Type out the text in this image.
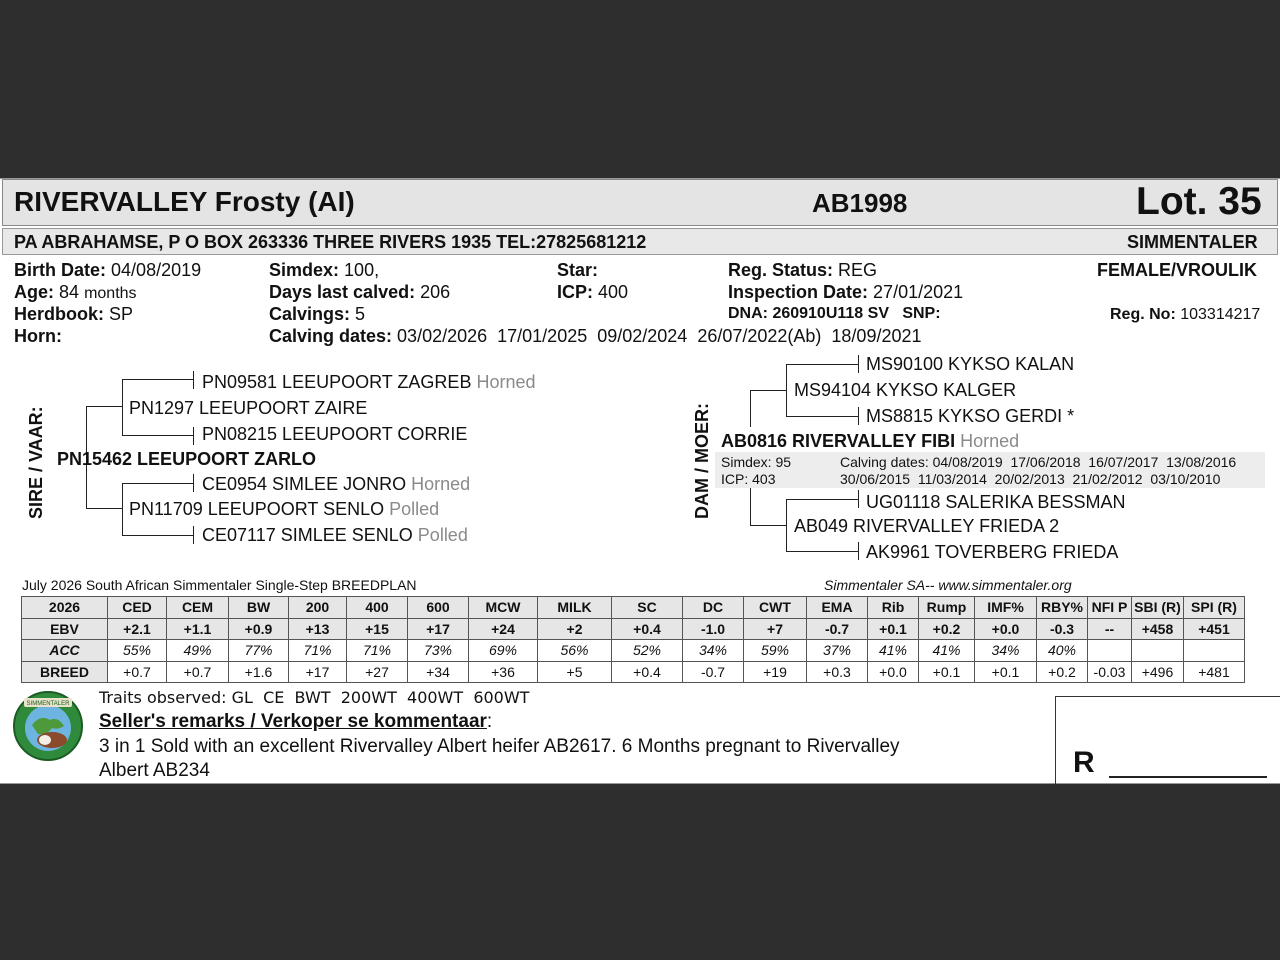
RIVERVALLEY Frosty (AI)	AB1998	Lot. 35
PA ABRAHAMSE, P O BOX 263336 THREE RIVERS 1935 TEL:27825681212	SIMMENTALER
Birth Date: 04/08/2019
Age: 84 months
Herdbook: SP
Horn:
Simdex: 100,
Days last calved: 206
Calvings: 5
Calving dates: 03/02/2026  17/01/2025  09/02/2024  26/07/2022(Ab)  18/09/2021
Star:
ICP: 400
Reg. Status: REG
Inspection Date: 27/01/2021
DNA: 260910U118 SV   SNP:
FEMALE/VROULIK
Reg. No: 103314217
SIRE / VAAR:
PN09581 LEEUPOORT ZAGREB Horned
PN1297 LEEUPOORT ZAIRE
PN08215 LEEUPOORT CORRIE
PN15462 LEEUPOORT ZARLO
CE0954 SIMLEE JONRO Horned
PN11709 LEEUPOORT SENLO Polled
CE07117 SIMLEE SENLO Polled
DAM / MOER:
MS90100 KYKSO KALAN
MS94104 KYKSO KALGER
MS8815 KYKSO GERDI *
AB0816 RIVERVALLEY FIBI Horned
Simdex: 95
ICP: 403
Calving dates: 04/08/2019  17/06/2018  16/07/2017  13/08/2016
30/06/2015  11/03/2014  20/02/2013  21/02/2012  03/10/2010
UG01118 SALERIKA BESSMAN
AB049 RIVERVALLEY FRIEDA 2
AK9961 TOVERBERG FRIEDA
July 2026 South African Simmentaler Single-Step BREEDPLAN	Simmentaler SA-- www.simmentaler.org
2026	CED	CEM	BW	200	400	600	MCW	MILK	SC	DC	CWT	EMA	Rib	Rump	IMF%	RBY%	NFI P	SBI (R)	SPI (R)
EBV	+2.1	+1.1	+0.9	+13	+15	+17	+24	+2	+0.4	-1.0	+7	-0.7	+0.1	+0.2	+0.0	-0.3	--	+458	+451
ACC	55%	49%	77%	71%	71%	73%	69%	56%	52%	34%	59%	37%	41%	41%	34%	40%			
BREED	+0.7	+0.7	+1.6	+17	+27	+34	+36	+5	+0.4	-0.7	+19	+0.3	+0.0	+0.1	+0.1	+0.2	-0.03	+496	+481
SIMMENTALER Traits observed: GL  CE  BWT  200WT  400WT  600WT
Seller's remarks / Verkoper se kommentaar:
3 in 1 Sold with an excellent Rivervalley Albert heifer AB2617. 6 Months pregnant to Rivervalley
Albert AB234	R
